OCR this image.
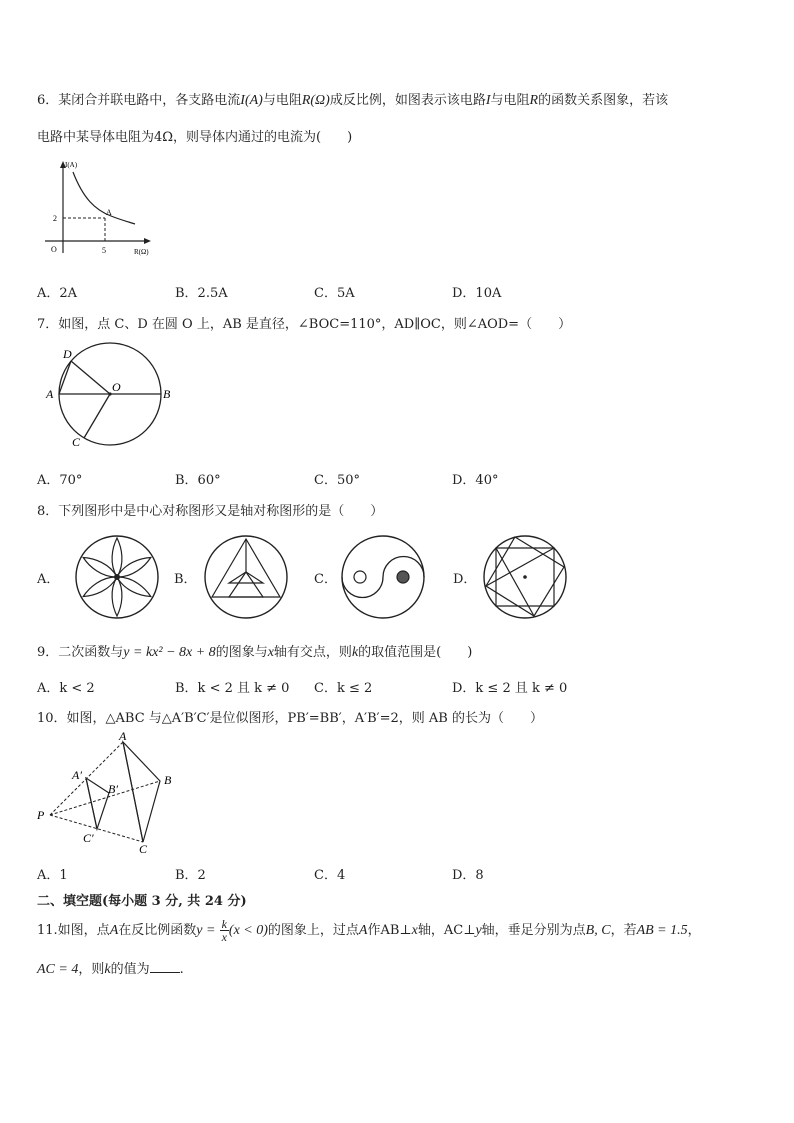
6．某闭合并联电路中，各支路电流I(A)与电阻R(Ω)成反比例，如图表示该电路I与电阻R的函数关系图象，若该
电路中某导体电阻为4Ω，则导体内通过的电流为(　　)
I(A)
R(Ω)
O
2
5
A
A．2A	B．2.5A	C．5A	D．10A
7．如图，点 C、D 在圆 O 上，AB 是直径，∠BOC=110°，AD∥OC，则∠AOD=（　　）
D
A	O	B
C
A．70°	B．60°	C．50°	D．40°
8．下列图形中是中心对称图形又是轴对称图形的是（　　）
A．	B．	C．	D．
9．二次函数与y = kx² − 8x + 8的图象与x轴有交点，则k的取值范围是(　　)
A．k < 2	B．k < 2 且 k ≠ 0 C．k ≤ 2	D．k ≤ 2 且 k ≠ 0
10．如图，△ABC 与△A′B′C′是位似图形，PB′=BB′，A′B′=2，则 AB 的长为（　　）
A
A′	B
B′
P
C′
C
A．1	B．2	C．4	D．8
二、填空题(每小题 3 分, 共 24 分)
11.如图，点A在反比例函数$y = \frac{k}{x} (x < 0)$的图象上，过点A作AB⊥x轴，AC⊥y轴，垂足分别为点B, C，若AB = 1.5，
AC = 4，则k的值为 .
